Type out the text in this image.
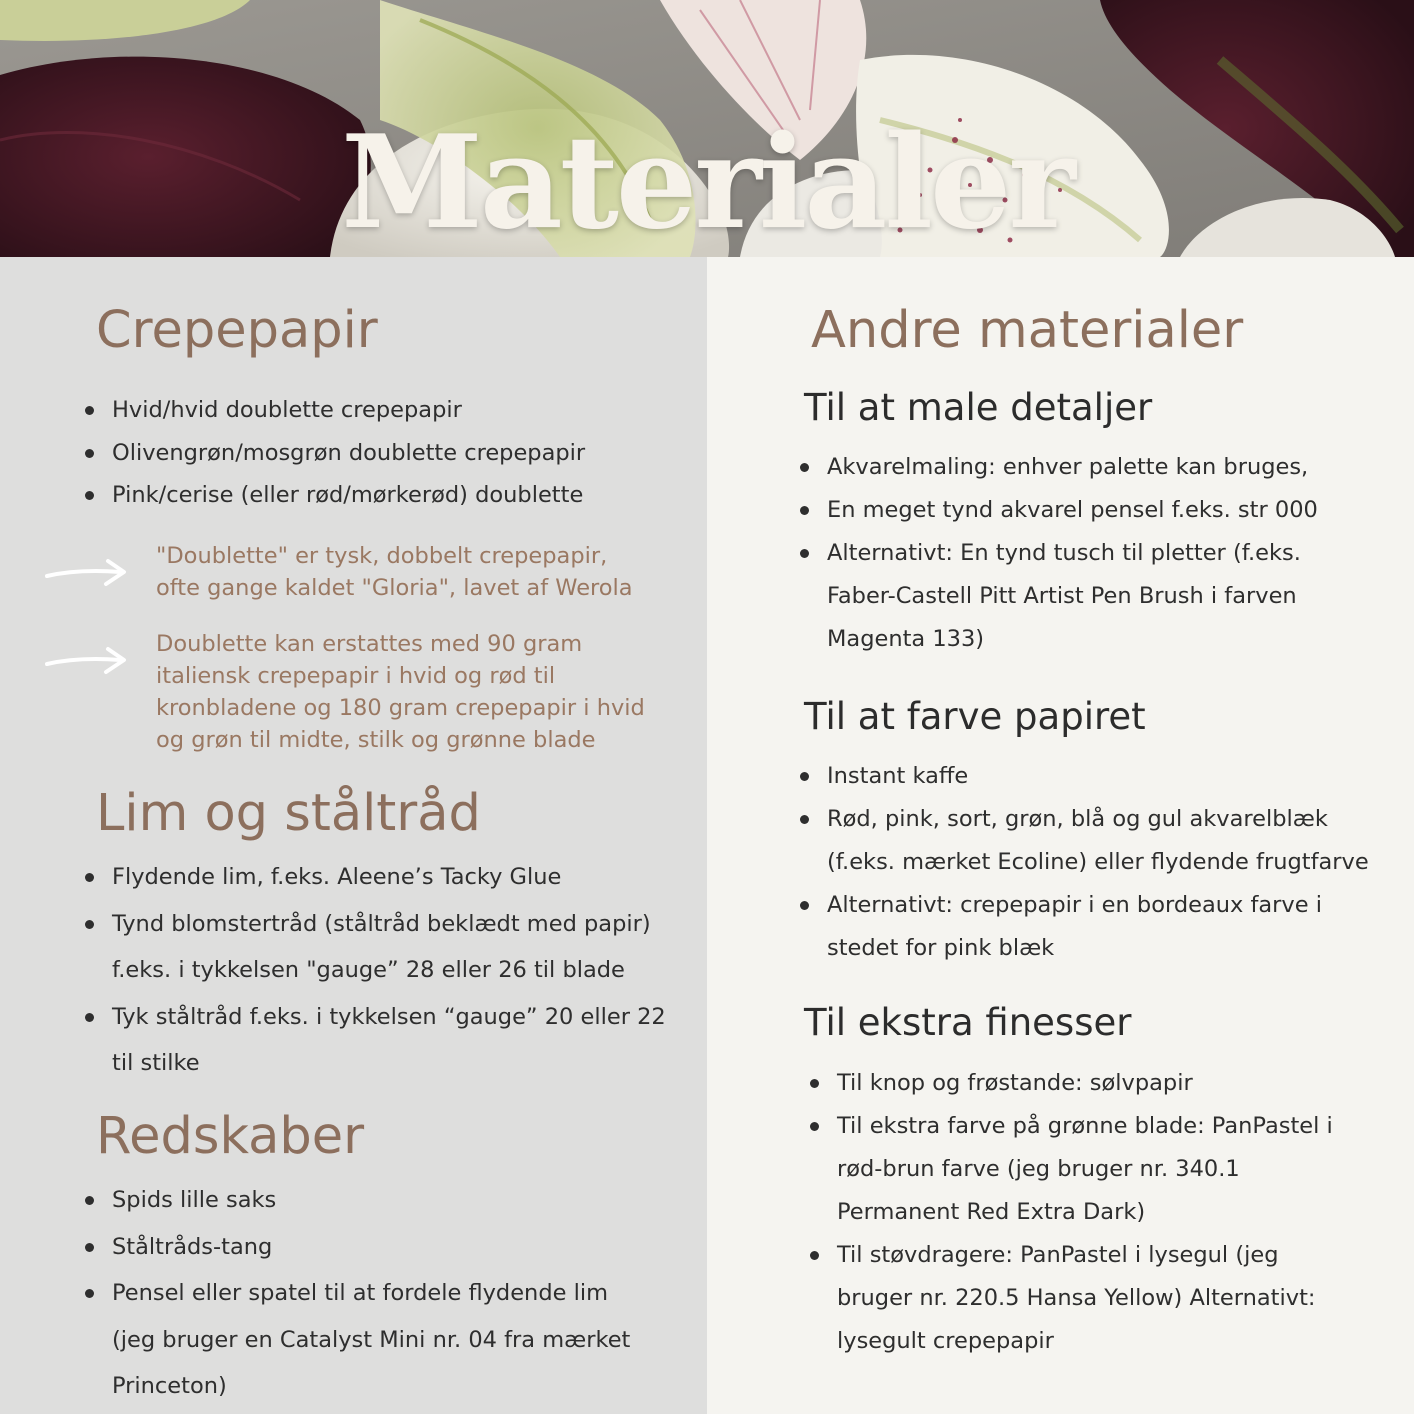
Materialer
Crepepapir
Hvid/hvid doublette crepepapir
Olivengrøn/mosgrøn doublette crepepapir
Pink/cerise (eller rød/mørkerød) doublette

"Doublette" er tysk, dobbelt crepepapir,
ofte gange kaldet "Gloria", lavet af Werola

Doublette kan erstattes med 90 gram
italiensk crepepapir i hvid og rød til
kronbladene og 180 gram crepepapir i hvid
og grøn til midte, stilk og grønne blade

Lim og ståltråd
Flydende lim, f.eks. Aleene’s Tacky Glue
Tynd blomstertråd (ståltråd beklædt med papir)
f.eks. i tykkelsen "gauge” 28 eller 26 til blade
Tyk ståltråd f.eks. i tykkelsen “gauge” 20 eller 22
til stilke
Redskaber
Spids lille saks
Ståltråds-tang
Pensel eller spatel til at fordele flydende lim
(jeg bruger en Catalyst Mini nr. 04 fra mærket
Princeton)
Andre materialer
Til at male detaljer
Akvarelmaling: enhver palette kan bruges,
En meget tynd akvarel pensel f.eks. str 000
Alternativt: En tynd tusch til pletter (f.eks.
Faber-Castell Pitt Artist Pen Brush i farven
Magenta 133)
Til at farve papiret
Instant kaffe
Rød, pink, sort, grøn, blå og gul akvarelblæk
(f.eks. mærket Ecoline) eller flydende frugtfarve
Alternativt: crepepapir i en bordeaux farve i
stedet for pink blæk
Til ekstra finesser
Til knop og frøstande: sølvpapir
Til ekstra farve på grønne blade: PanPastel i
rød-brun farve (jeg bruger nr. 340.1
Permanent Red Extra Dark)
Til støvdragere: PanPastel i lysegul (jeg
bruger nr. 220.5 Hansa Yellow) Alternativt:
lysegult crepepapir
